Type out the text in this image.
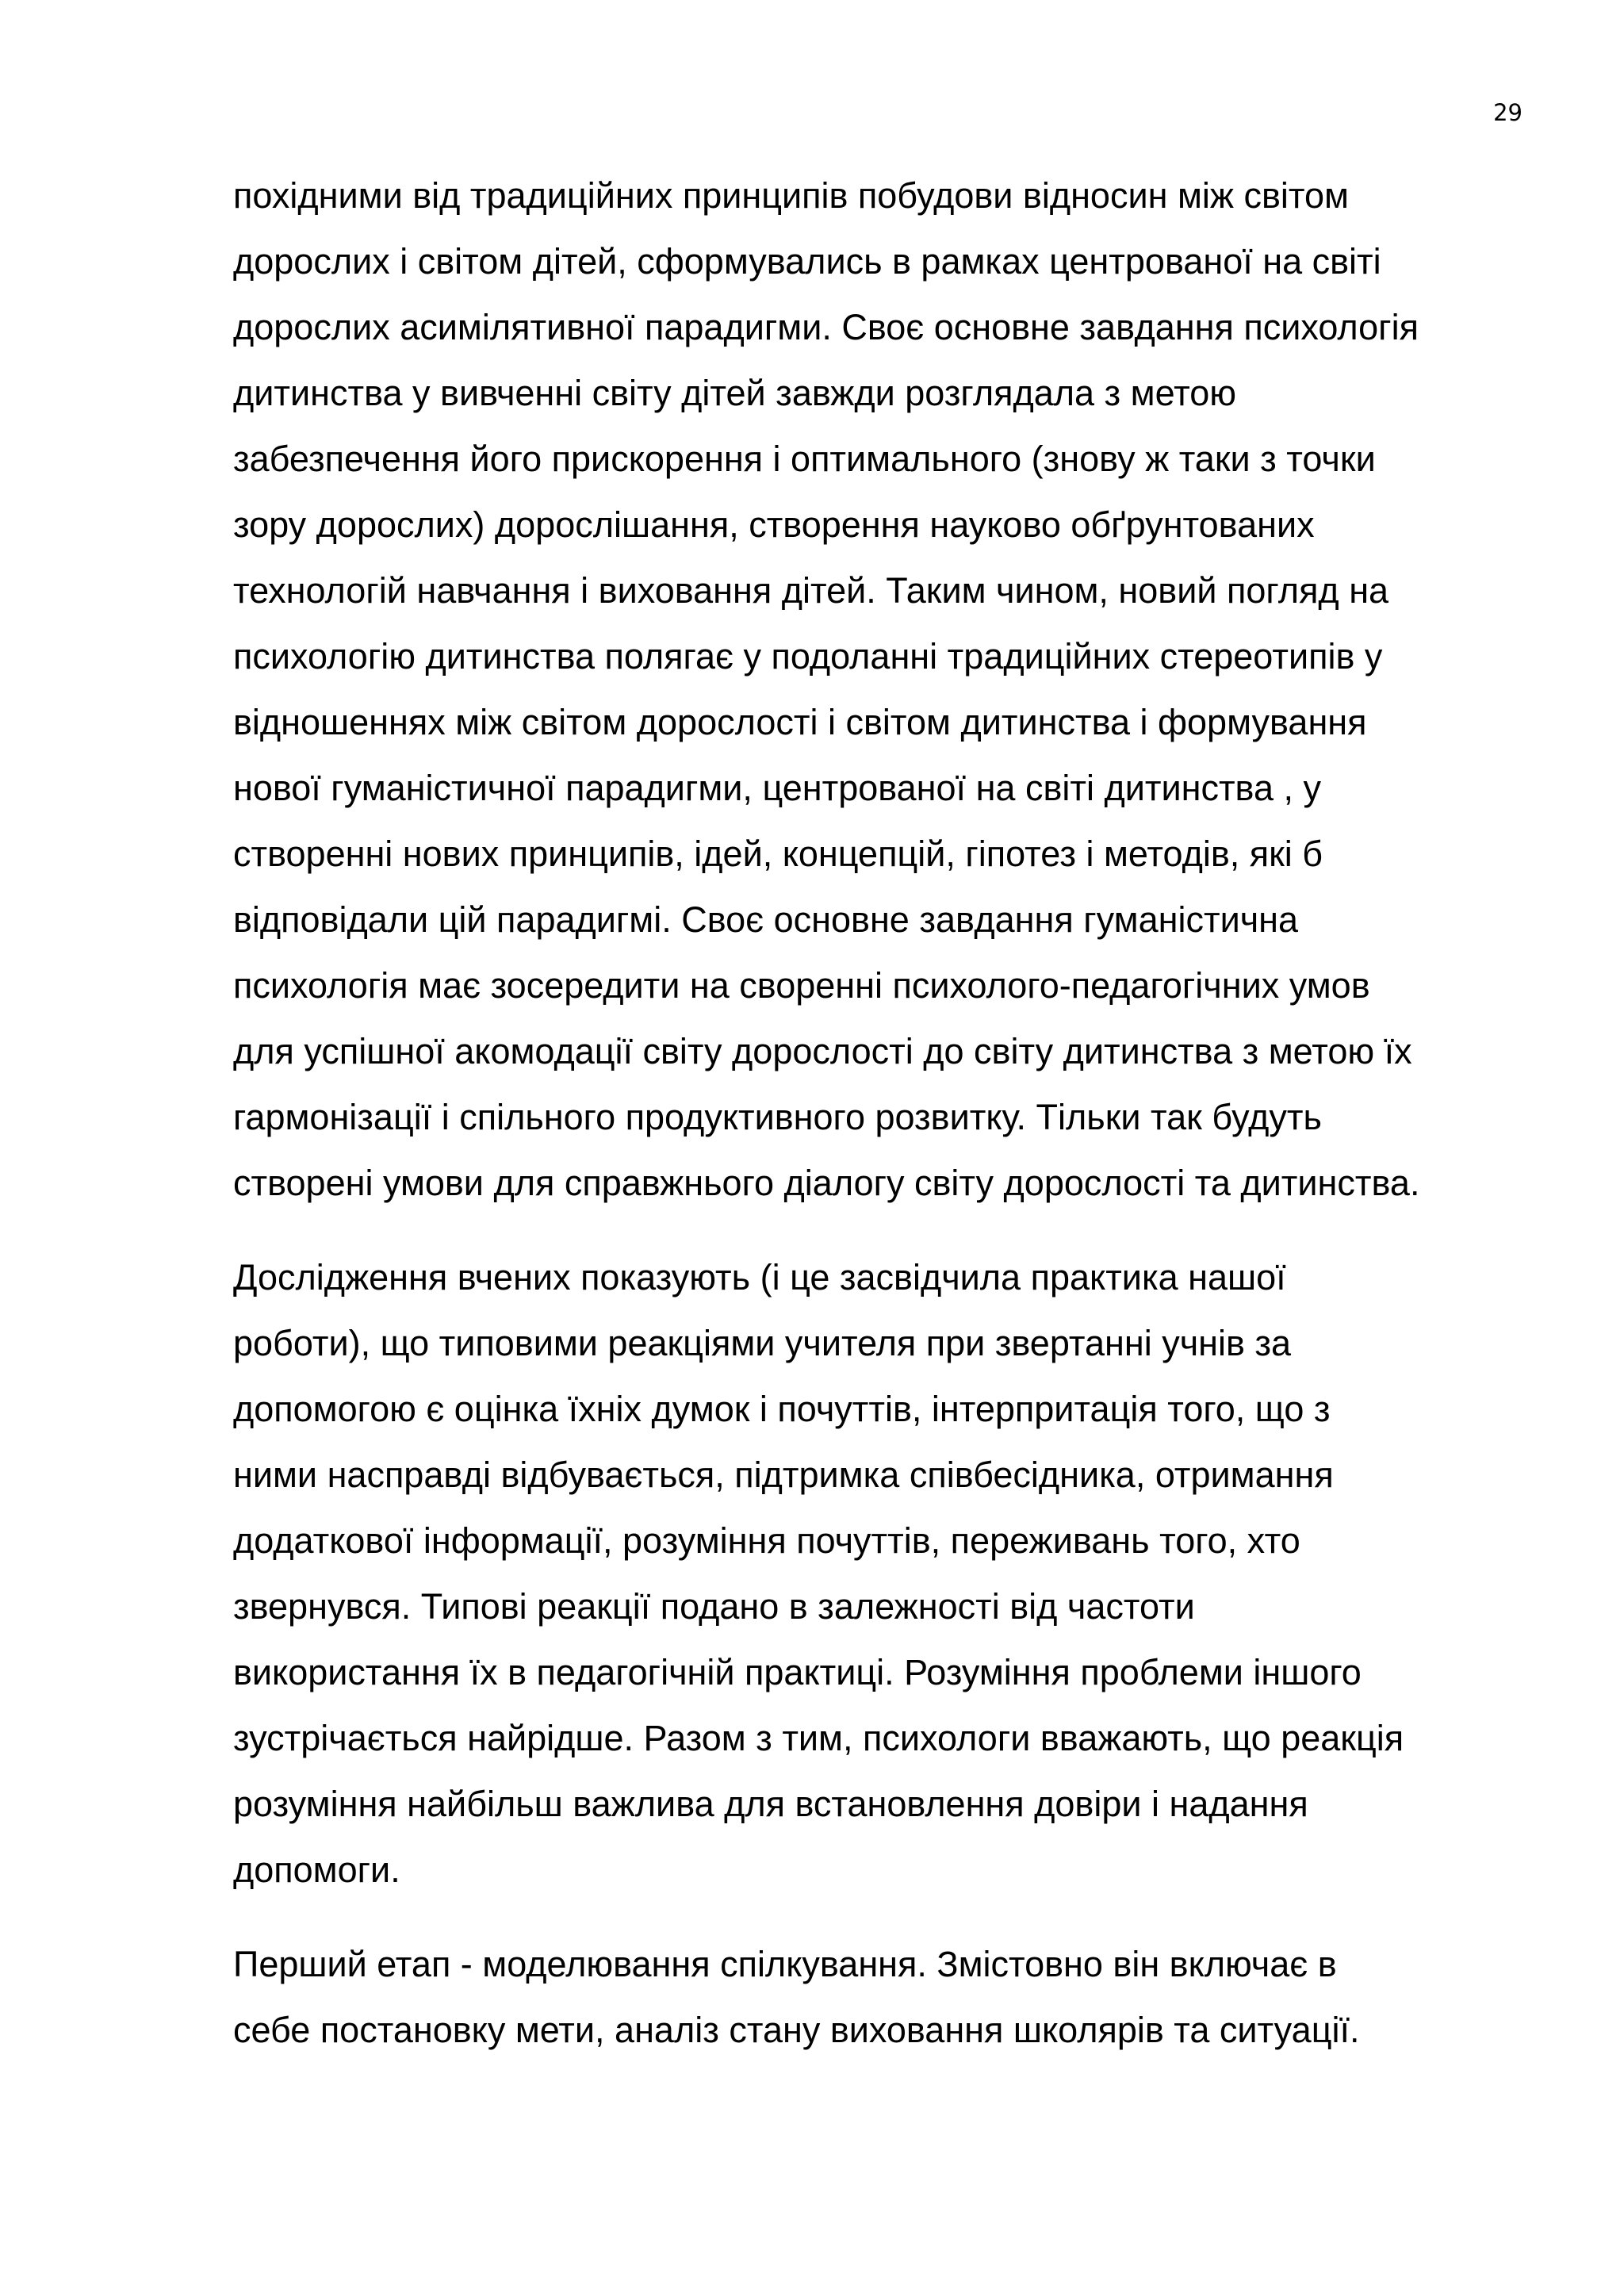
29

похідними від традиційних принципів побудови відносин між світом
дорослих і світом дітей, сформувались в рамках центрованої на світі
дорослих асимілятивної парадигми. Своє основне завдання психологія
дитинства у вивченні світу дітей завжди розглядала з метою
забезпечення його прискорення і оптимального (знову ж таки з точки
зору дорослих) дорослішання, створення науково обґрунтованих
технологій навчання і виховання дітей. Таким чином, новий погляд на
психологію дитинства полягає у подоланні традиційних стереотипів у
відношеннях між світом дорослості і світом дитинства і формування
нової гуманістичної парадигми, центрованої на світі дитинства , у
створенні нових принципів, ідей, концепцій, гіпотез і методів, які б
відповідали цій парадигмі. Своє основне завдання гуманістична
психологія має зосередити на своренні психолого-педагогічних умов
для успішної акомодації світу дорослості до світу дитинства з метою їх
гармонізації і спільного продуктивного розвитку. Тільки так будуть
створені умови для справжнього діалогу світу дорослості та дитинства.

Дослідження вчених показують (і це засвідчила практика нашої
роботи), що типовими реакціями учителя при звертанні учнів за
допомогою є оцінка їхніх думок і почуттів, інтерпритація того, що з
ними насправді відбувається, підтримка співбесідника, отримання
додаткової інформації, розуміння почуттів, переживань того, хто
звернувся. Типові реакції подано в залежності від частоти
використання їх в педагогічній практиці. Розуміння проблеми іншого
зустрічається найрідше. Разом з тим, психологи вважають, що реакція
розуміння найбільш важлива для встановлення довіри і надання
допомоги.

Перший етап - моделювання спілкування. Змістовно він включає в
себе постановку мети, аналіз стану виховання школярів та ситуації.
